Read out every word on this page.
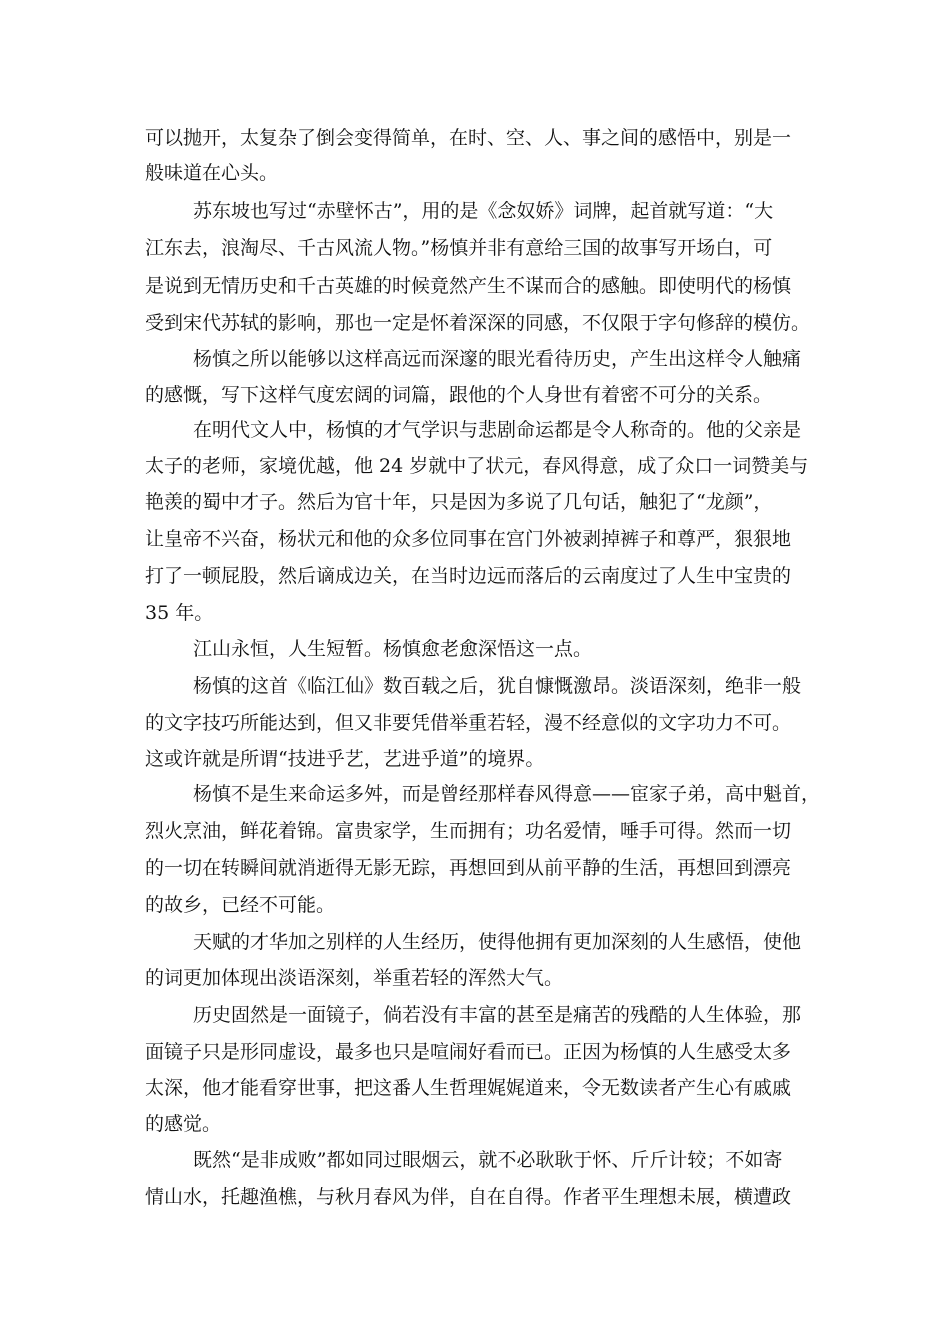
可以抛开，太复杂了倒会变得简单，在时、空、人、事之间的感悟中，别是一
般味道在心头。
苏东坡也写过“赤壁怀古”，用的是《念奴娇》词牌，起首就写道：“大
江东去，浪淘尽、千古风流人物。”杨慎并非有意给三国的故事写开场白，可
是说到无情历史和千古英雄的时候竟然产生不谋而合的感触。即使明代的杨慎
受到宋代苏轼的影响，那也一定是怀着深深的同感，不仅限于字句修辞的模仿。
杨慎之所以能够以这样高远而深邃的眼光看待历史，产生出这样令人触痛
的感慨，写下这样气度宏阔的词篇，跟他的个人身世有着密不可分的关系。
在明代文人中，杨慎的才气学识与悲剧命运都是令人称奇的。他的父亲是
太子的老师，家境优越，他 24 岁就中了状元，春风得意，成了众口一词赞美与
艳羡的蜀中才子。然后为官十年，只是因为多说了几句话，触犯了“龙颜”，
让皇帝不兴奋，杨状元和他的众多位同事在宫门外被剥掉裤子和尊严，狠狠地
打了一顿屁股，然后谪成边关，在当时边远而落后的云南度过了人生中宝贵的
35 年。
江山永恒，人生短暂。杨慎愈老愈深悟这一点。
杨慎的这首《临江仙》数百载之后，犹自慷慨激昂。淡语深刻，绝非一般
的文字技巧所能达到，但又非要凭借举重若轻，漫不经意似的文字功力不可。
这或许就是所谓“技进乎艺，艺进乎道”的境界。
杨慎不是生来命运多舛，而是曾经那样春风得意——宦家子弟，高中魁首，
烈火烹油，鲜花着锦。富贵家学，生而拥有；功名爱情，唾手可得。然而一切
的一切在转瞬间就消逝得无影无踪，再想回到从前平静的生活，再想回到漂亮
的故乡，已经不可能。
天赋的才华加之别样的人生经历，使得他拥有更加深刻的人生感悟，使他
的词更加体现出淡语深刻，举重若轻的浑然大气。
历史固然是一面镜子，倘若没有丰富的甚至是痛苦的残酷的人生体验，那
面镜子只是形同虚设，最多也只是喧闹好看而已。正因为杨慎的人生感受太多
太深，他才能看穿世事，把这番人生哲理娓娓道来，令无数读者产生心有戚戚
的感觉。
既然“是非成败”都如同过眼烟云，就不必耿耿于怀、斤斤计较；不如寄
情山水，托趣渔樵，与秋月春风为伴，自在自得。作者平生理想未展，横遭政
